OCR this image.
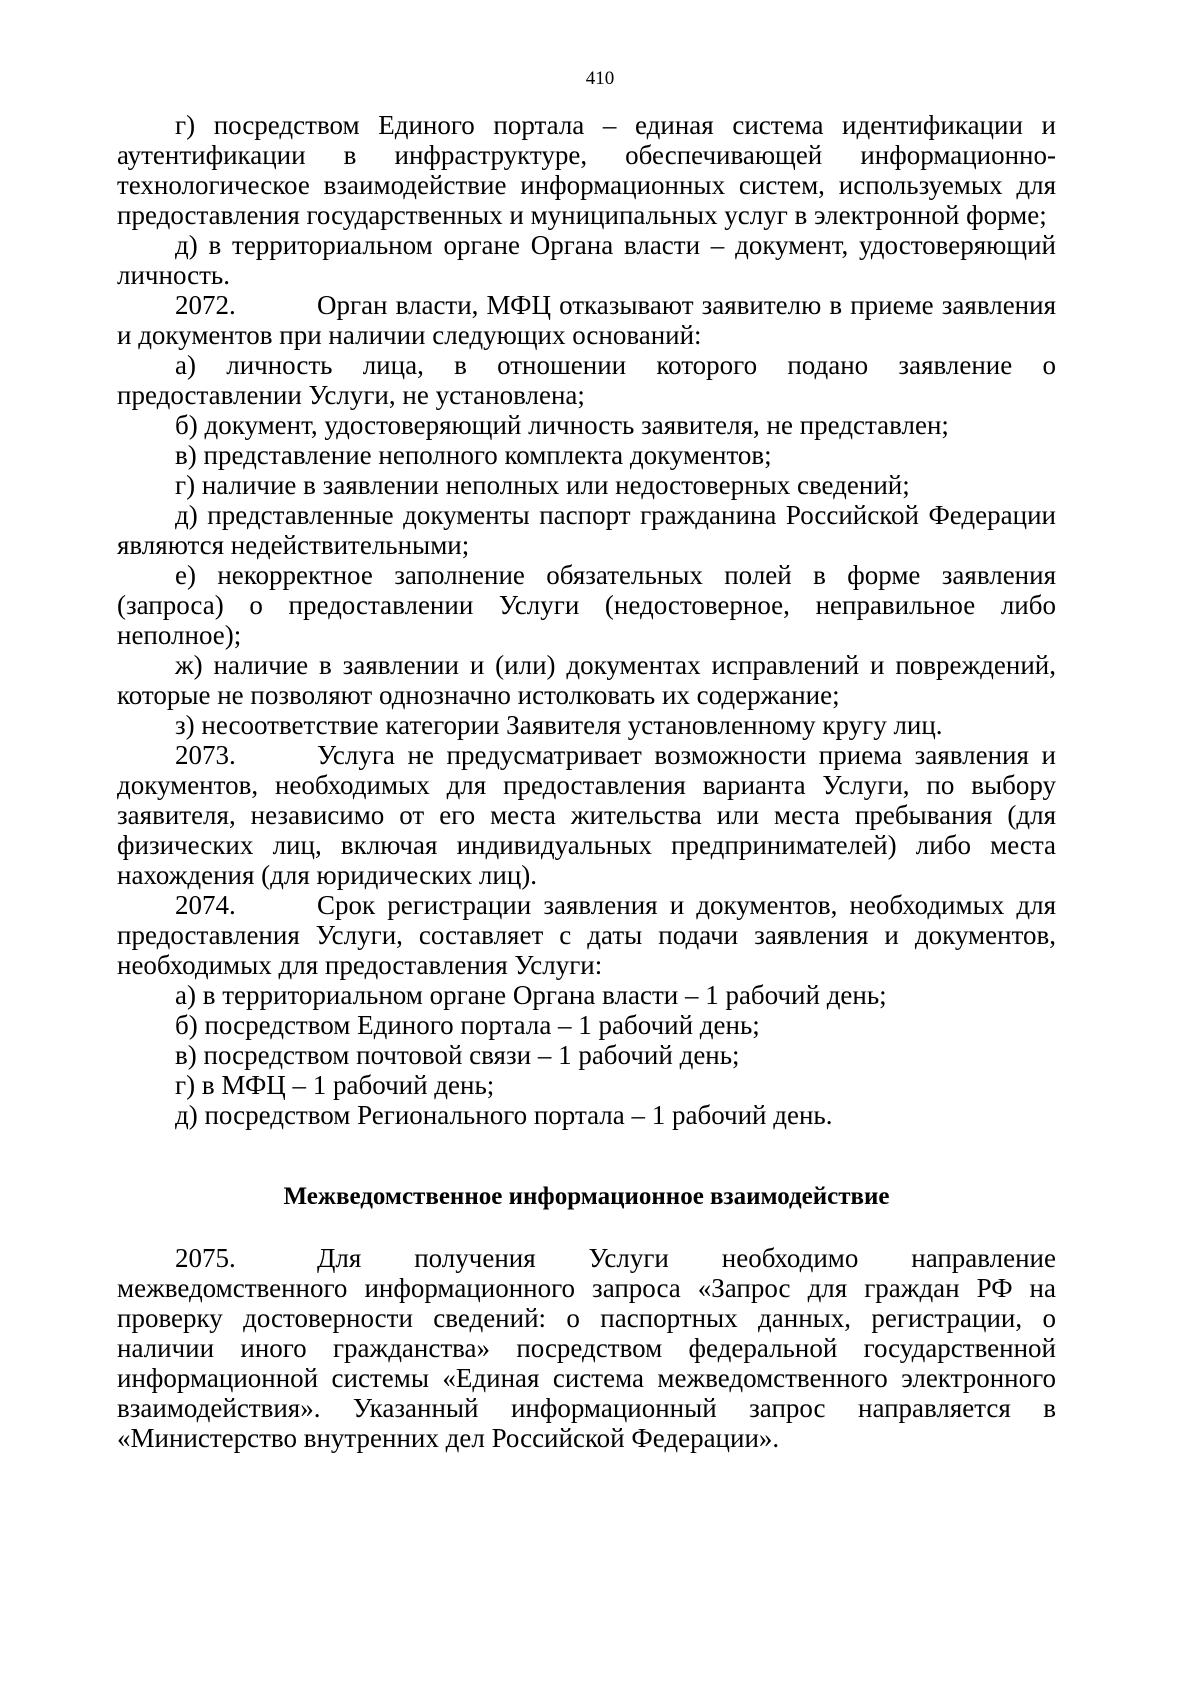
410

г) посредством Единого портала – единая система идентификации и аутентификации в инфраструктуре, обеспечивающей информационно-технологическое взаимодействие информационных систем, используемых для предоставления государственных и муниципальных услуг в электронной форме;

д) в территориальном органе Органа власти – документ, удостоверяющий личность.

2072.	Орган власти, МФЦ отказывают заявителю в приеме заявления и документов при наличии следующих оснований:

а) личность лица, в отношении которого подано заявление о предоставлении Услуги, не установлена;

б) документ, удостоверяющий личность заявителя, не представлен;

в) представление неполного комплекта документов;

г) наличие в заявлении неполных или недостоверных сведений;

д) представленные документы паспорт гражданина Российской Федерации являются недействительными;

е) некорректное заполнение обязательных полей в форме заявления (запроса) о предоставлении Услуги (недостоверное, неправильное либо неполное);

ж) наличие в заявлении и (или) документах исправлений и повреждений, которые не позволяют однозначно истолковать их содержание;

з) несоответствие категории Заявителя установленному кругу лиц.

2073.	Услуга не предусматривает возможности приема заявления и документов, необходимых для предоставления варианта Услуги, по выбору заявителя, независимо от его места жительства или места пребывания (для физических лиц, включая индивидуальных предпринимателей) либо места нахождения (для юридических лиц).

2074.	Срок регистрации заявления и документов, необходимых для предоставления Услуги, составляет с даты подачи заявления и документов, необходимых для предоставления Услуги:

а) в территориальном органе Органа власти – 1 рабочий день;

б) посредством Единого портала – 1 рабочий день;

в) посредством почтовой связи – 1 рабочий день;

г) в МФЦ – 1 рабочий день;

д) посредством Регионального портала – 1 рабочий день.

Межведомственное информационное взаимодействие

2075.	Для получения Услуги необходимо направление межведомственного информационного запроса «Запрос для граждан РФ на проверку достоверности сведений: о паспортных данных, регистрации, о наличии иного гражданства» посредством федеральной государственной информационной системы «Единая система межведомственного электронного взаимодействия». Указанный информационный запрос направляется в «Министерство внутренних дел Российской Федерации».
